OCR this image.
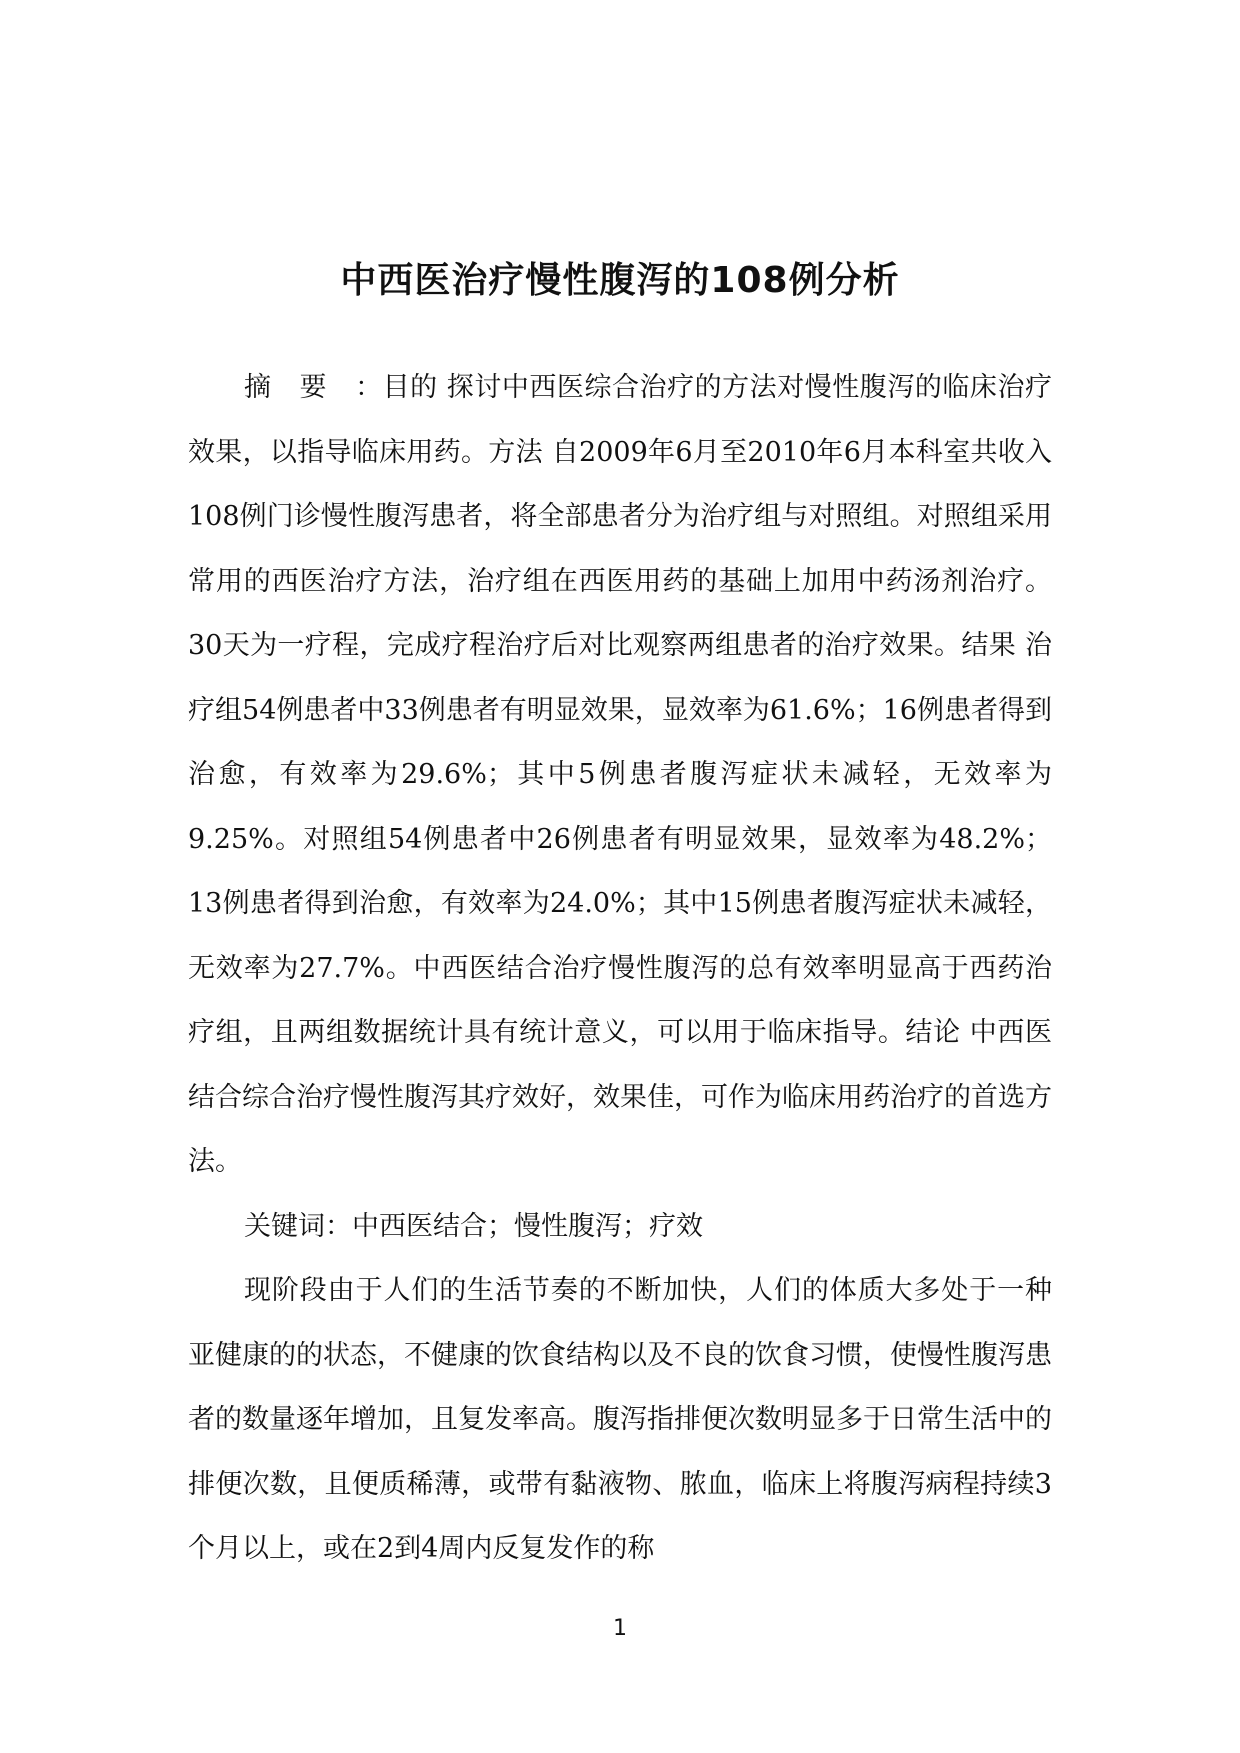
中西医治疗慢性腹泻的108例分析

摘要：目的 探讨中西医综合治疗的方法对慢性腹泻的临床治疗效果，以指导临床用药。方法 自2009年6月至2010年6月本科室共收入108例门诊慢性腹泻患者，将全部患者分为治疗组与对照组。对照组采用常用的西医治疗方法，治疗组在西医用药的基础上加用中药汤剂治疗。30天为一疗程，完成疗程治疗后对比观察两组患者的治疗效果。结果 治疗组54例患者中33例患者有明显效果，显效率为61.6%；16例患者得到治愈，有效率为29.6%；其中5例患者腹泻症状未减轻，无效率为9.25%。对照组54例患者中26例患者有明显效果，显效率为48.2%；13例患者得到治愈，有效率为24.0%；其中15例患者腹泻症状未减轻，无效率为27.7%。中西医结合治疗慢性腹泻的总有效率明显高于西药治疗组，且两组数据统计具有统计意义，可以用于临床指导。结论 中西医结合综合治疗慢性腹泻其疗效好，效果佳，可作为临床用药治疗的首选方法。

关键词：中西医结合；慢性腹泻；疗效

现阶段由于人们的生活节奏的不断加快，人们的体质大多处于一种亚健康的的状态，不健康的饮食结构以及不良的饮食习惯，使慢性腹泻患者的数量逐年增加，且复发率高。腹泻指排便次数明显多于日常生活中的排便次数，且便质稀薄，或带有黏液物、脓血，临床上将腹泻病程持续3个月以上，或在2到4周内反复发作的称

1
